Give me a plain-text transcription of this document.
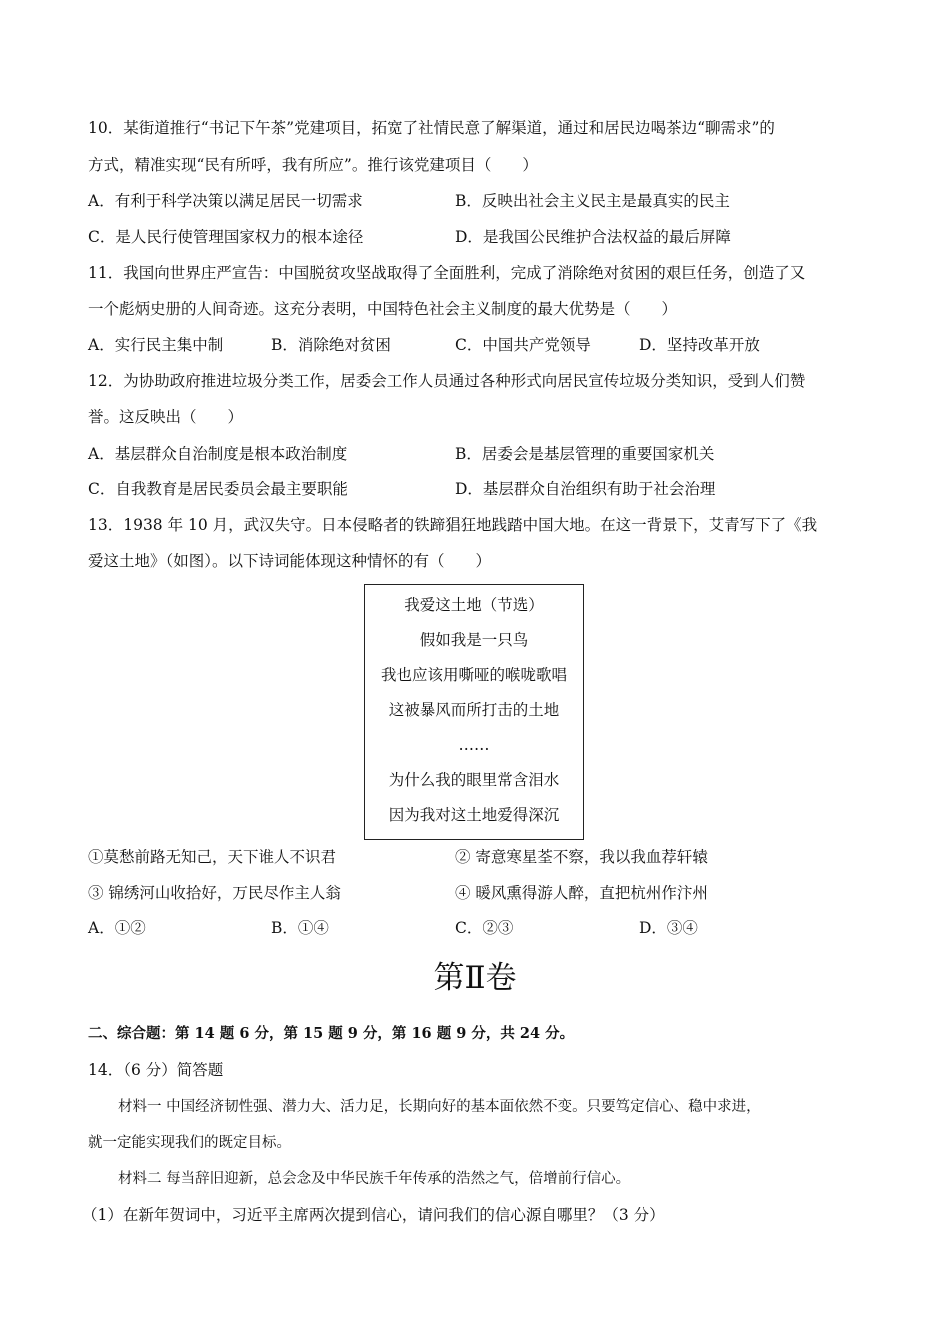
10．某街道推行“书记下午茶”党建项目，拓宽了社情民意了解渠道，通过和居民边喝茶边“聊需求”的
方式，精准实现“民有所呼，我有所应”。推行该党建项目（　　）
A．有利于科学决策以满足居民一切需求	B．反映出社会主义民主是最真实的民主
C．是人民行使管理国家权力的根本途径	D．是我国公民维护合法权益的最后屏障
11．我国向世界庄严宣告：中国脱贫攻坚战取得了全面胜利，完成了消除绝对贫困的艰巨任务，创造了又
一个彪炳史册的人间奇迹。这充分表明，中国特色社会主义制度的最大优势是（　　）
A．实行民主集中制	B．消除绝对贫困	C．中国共产党领导	D．坚持改革开放
12．为协助政府推进垃圾分类工作，居委会工作人员通过各种形式向居民宣传垃圾分类知识，受到人们赞
誉。这反映出（　　）
A．基层群众自治制度是根本政治制度	B．居委会是基层管理的重要国家机关
C．自我教育是居民委员会最主要职能	D．基层群众自治组织有助于社会治理
13．1938 年 10 月，武汉失守。日本侵略者的铁蹄猖狂地践踏中国大地。在这一背景下，艾青写下了《我
爱这土地》（如图）。以下诗词能体现这种情怀的有（　　）
我爱这土地（节选）
假如我是一只鸟
我也应该用嘶哑的喉咙歌唱
这被暴风而所打击的土地
……
为什么我的眼里常含泪水
因为我对这土地爱得深沉
①莫愁前路无知己，天下谁人不识君	② 寄意寒星荃不察，我以我血荐轩辕
③ 锦绣河山收拾好，万民尽作主人翁	④ 暖风熏得游人醉，直把杭州作汴州
A．①②	B．①④	C．②③	D．③④
第Ⅱ卷
二、综合题：第 14 题 6 分，第 15 题 9 分，第 16 题 9 分，共 24 分。
14．（6 分）简答题
材料一 中国经济韧性强、潜力大、活力足，长期向好的基本面依然不变。只要笃定信心、稳中求进，
就一定能实现我们的既定目标。
材料二 每当辞旧迎新，总会念及中华民族千年传承的浩然之气，倍增前行信心。
（1）在新年贺词中，习近平主席两次提到信心，请问我们的信心源自哪里？（3 分）
